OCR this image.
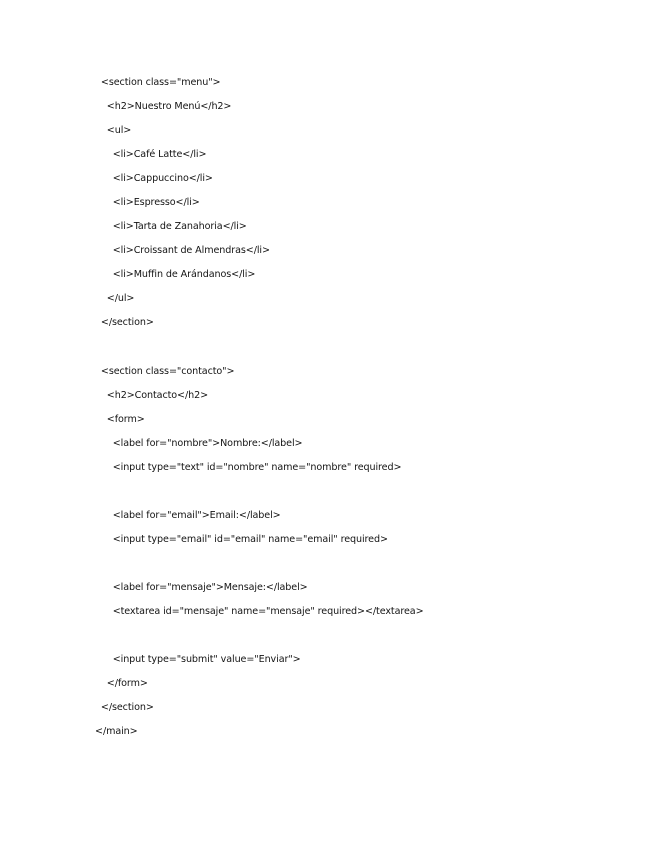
<section class="menu">
<h2>Nuestro Menú</h2>
<ul>
<li>Café Latte</li>
<li>Cappuccino</li>
<li>Espresso</li>
<li>Tarta de Zanahoria</li>
<li>Croissant de Almendras</li>
<li>Muffin de Arándanos</li>
</ul>
</section>
<section class="contacto">
<h2>Contacto</h2>
<form>
<label for="nombre">Nombre:</label>
<input type="text" id="nombre" name="nombre" required>
<label for="email">Email:</label>
<input type="email" id="email" name="email" required>
<label for="mensaje">Mensaje:</label>
<textarea id="mensaje" name="mensaje" required></textarea>
<input type="submit" value="Enviar">
</form>
</section>
</main>
